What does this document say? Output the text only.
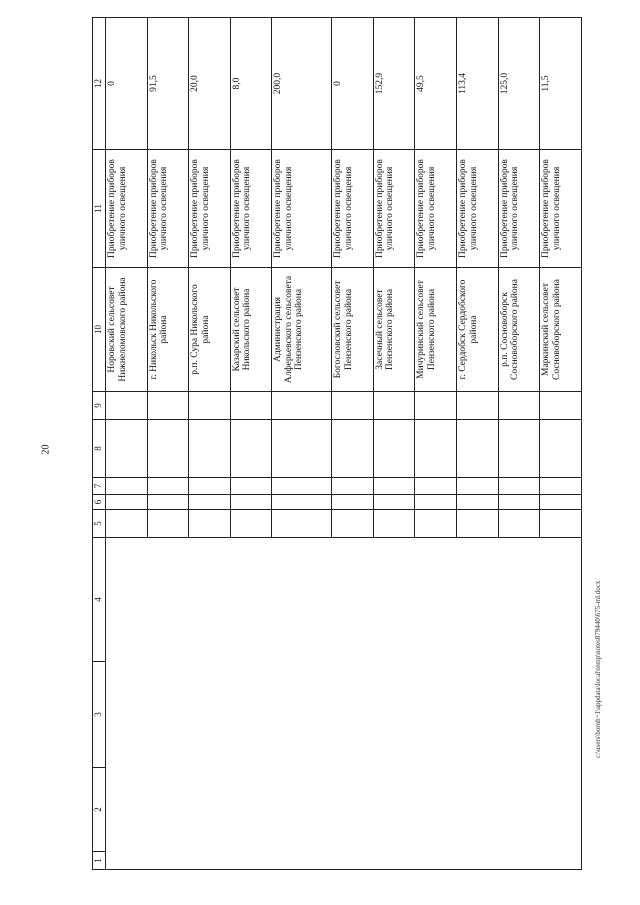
20
c:\users\boroh~1\appdata\local\temp\notes879440\675-ml.docx
1	2	3	4	5	6	7	8	9	10	11	12
									Норовский сельсовет Нижнеломовского района	Приобретение приборов уличного освещения	0
									г. Никольск Никольского района	Приобретение приборов уличного освещения	91,5
									р.п. Сура Никольского района	Приобретение приборов уличного освещения	20,0
									Казарский сельсовет Никольского района	Приобретение приборов уличного освещения	8,0
									Администрация Алферьевского сельсовета Пензенского района	Приобретение приборов уличного освещения	200,0
									Богословский сельсовет Пензенского района	Приобретение приборов уличного освещения	0
									Засечный сельсовет Пензенского района	Приобретение приборов уличного освещения	152,9
									Мичуринский сельсовет Пензенского района	Приобретение приборов уличного освещения	49,5
									г. Сердобск Сердобского района	Приобретение приборов уличного освещения	113,4
									р.п. Сосновоборск Сосновоборского района	Приобретение приборов уличного освещения	125,0
									Маркинский сельсовет Сосновоборского района	Приобретение приборов уличного освещения	11,5
